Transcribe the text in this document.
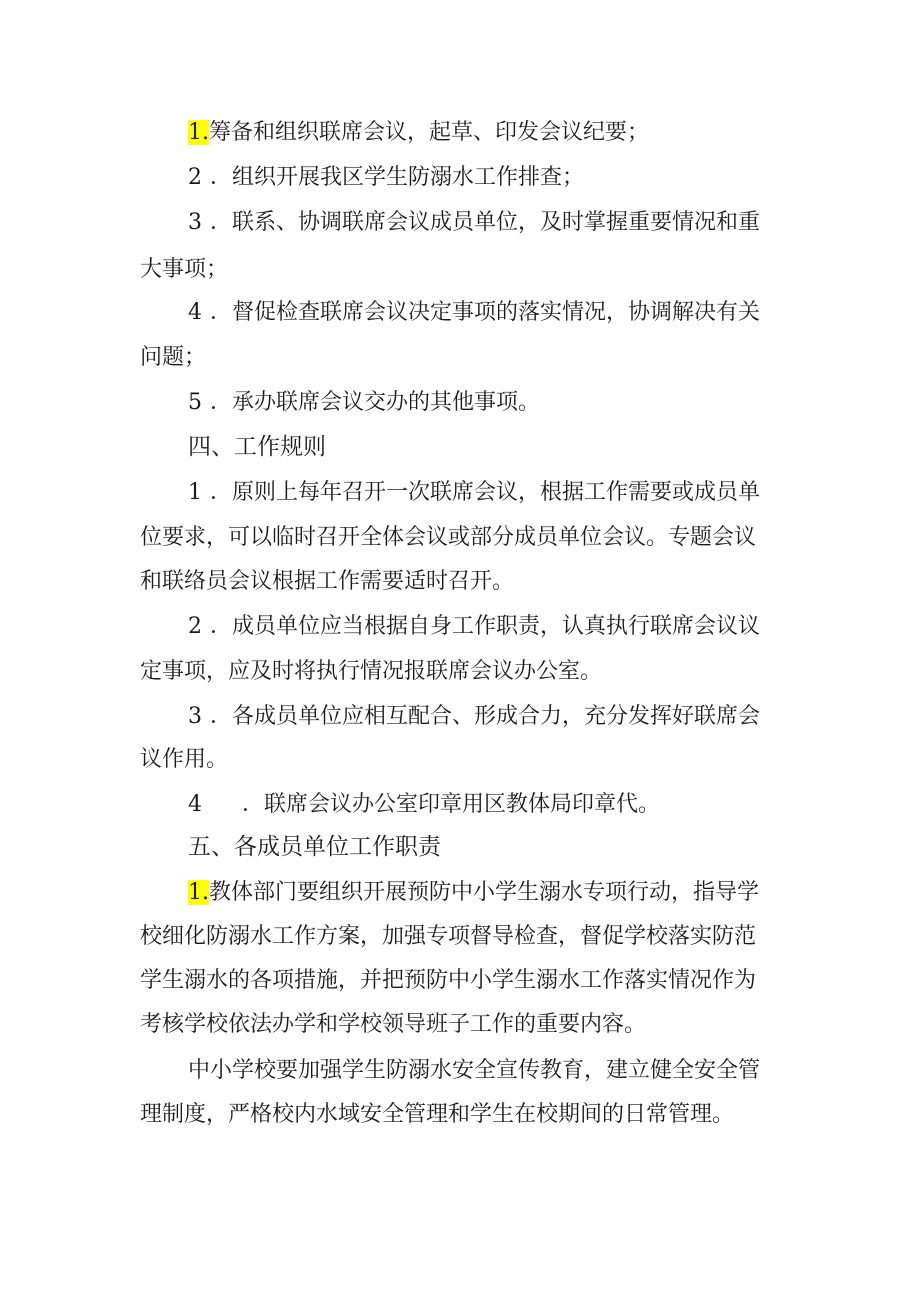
1.筹备和组织联席会议，起草、印发会议纪要；
2 ．组织开展我区学生防溺水工作排查；
3 ．联系、协调联席会议成员单位，及时掌握重要情况和重
大事项；
4 ．督促检查联席会议决定事项的落实情况，协调解决有关
问题；
5 ．承办联席会议交办的其他事项。
四、工作规则
1 ．原则上每年召开一次联席会议，根据工作需要或成员单
位要求，可以临时召开全体会议或部分成员单位会议。专题会议
和联络员会议根据工作需要适时召开。
2 ．成员单位应当根据自身工作职责，认真执行联席会议议
定事项，应及时将执行情况报联席会议办公室。
3 ．各成员单位应相互配合、形成合力，充分发挥好联席会
议作用。
4 ．联席会议办公室印章用区教体局印章代。
五、各成员单位工作职责
1.教体部门要组织开展预防中小学生溺水专项行动，指导学
校细化防溺水工作方案，加强专项督导检查，督促学校落实防范
学生溺水的各项措施，并把预防中小学生溺水工作落实情况作为
考核学校依法办学和学校领导班子工作的重要内容。
中小学校要加强学生防溺水安全宣传教育，建立健全安全管
理制度，严格校内水域安全管理和学生在校期间的日常管理。
